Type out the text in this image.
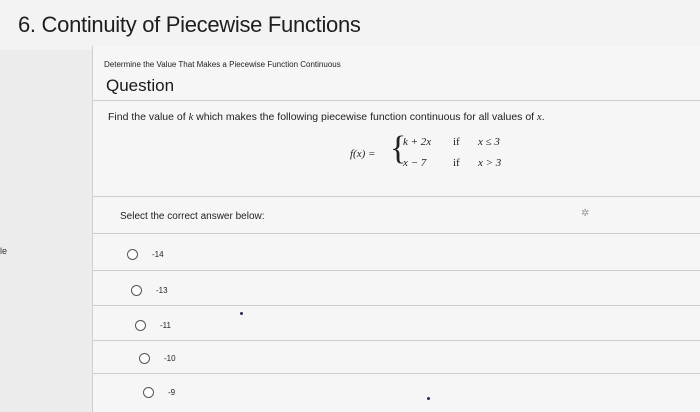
6. Continuity of Piecewise Functions
le
Determine the Value That Makes a Piecewise Function Continuous
Question
Find the value of k which makes the following piecewise function continuous for all values of x.
f(x) = {
k + 2x if x ≤ 3
x − 7 if x > 3
Select the correct answer below:	✲
-14
-13
-11
-10
-9
